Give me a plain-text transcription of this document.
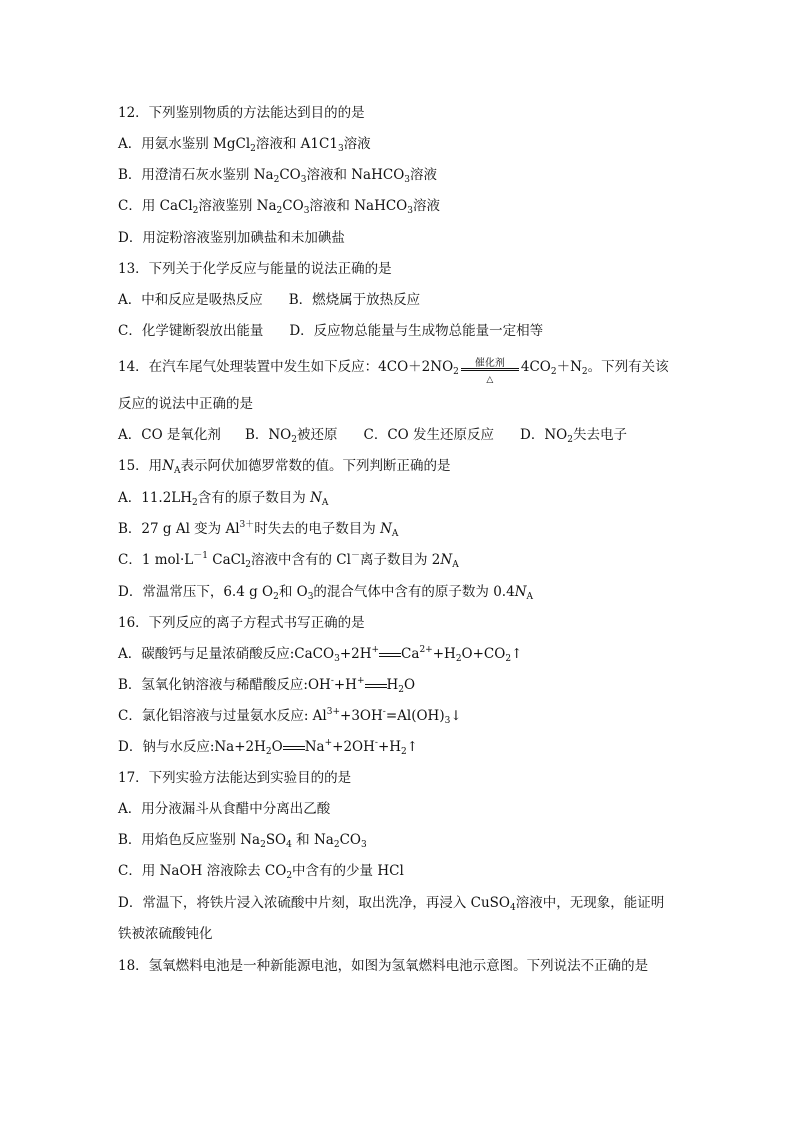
12．下列鉴别物质的方法能达到目的的是
A．用氨水鉴别 MgCl$_2$溶液和 $A1C1_3$溶液
B．用澄清石灰水鉴别 $Na_2CO_3$溶液和 NaHCO$_3$溶液
C．用 CaCl$_2$溶液鉴别 $Na_2CO_3$溶液和 NaHCO$_3$溶液
D．用淀粉溶液鉴别加碘盐和未加碘盐
13．下列关于化学反应与能量的说法正确的是
A．中和反应是吸热反应 B．燃烧属于放热反应
C．化学键断裂放出能量 D．反应物总能量与生成物总能量一定相等
14．在汽车尾气处理装置中发生如下反应：$4CO+2NO_2$
催化剂
△
$4CO_2+N_2$。下列有关该
反应的说法中正确的是
A．CO 是氧化剂 B．$NO_2$被还原 C．CO 发生还原反应 D．$NO_2$失去电子
15．用$N_A$表示阿伏加德罗常数的值。下列判断正确的是
A．$11.2LH_2$含有的原子数目为 $N_A$
B．27 g Al 变为 $Al^{3+}$时失去的电子数目为 $N_A$
C．1 $mol\cdot L^{-1}$ CaCl$_2$溶液中含有的 Cl－离子数目为 $2N_A$
D．常温常压下，6.4 g $O_2$和 $O_3$的混合气体中含有的原子数为 $0.4N_A$
16．下列反应的离子方程式书写正确的是
A．碳酸钙与足量浓硝酸反应:CaCO$_3$+2H+ $Ca^{2+}+H_2O+CO_2↑$
B．氢氧化钠溶液与稀醋酸反应:OH-+H+ $H_2O$
C．氯化铝溶液与过量氨水反应: $Al^{3+}+3OH^-=Al(OH)_3↓$
D．钠与水反应$:Na+2H_2O$ $Na^++2OH^-+H_2↑$
17．下列实验方法能达到实验目的的是
A．用分液漏斗从食醋中分离出乙酸
B．用焰色反应鉴别 $Na_2SO_4$ 和 $Na_2CO_3$
C．用 NaOH 溶液除去 $CO_2$中含有的少量 HCl
D．常温下，将铁片浸入浓硫酸中片刻，取出洗净，再浸入 CuSO$_4$溶液中，无现象，能证明
铁被浓硫酸钝化
18．氢氧燃料电池是一种新能源电池，如图为氢氧燃料电池示意图。下列说法不正确的是
